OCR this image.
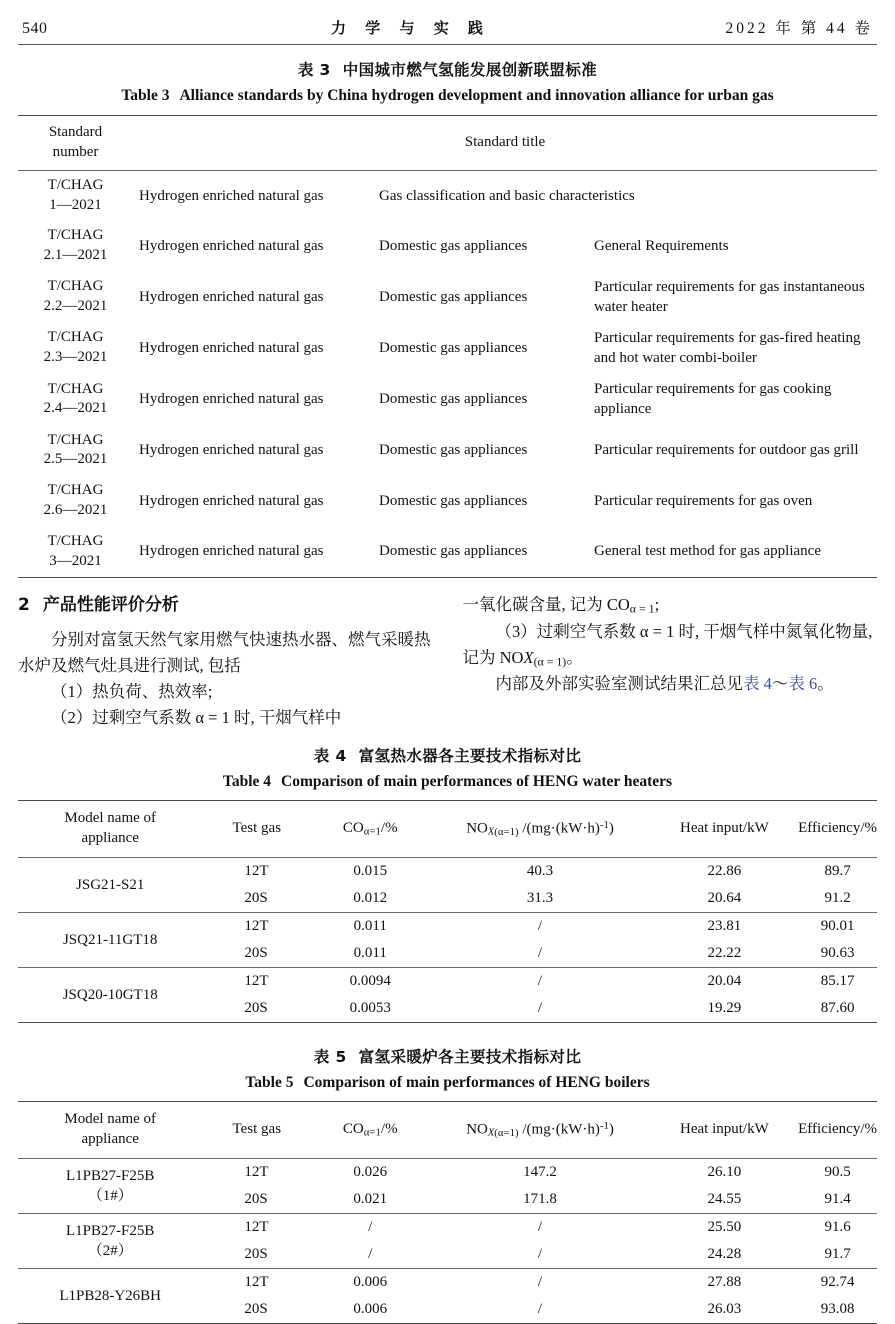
540	力 学 与 实 践	2022 年 第 44 卷
表 3 中国城市燃气氢能发展创新联盟标准
Table 3 Alliance standards by China hydrogen development and innovation alliance for urban gas
Standard
number	Standard title		

T/CHAG
1—2021	Hydrogen enriched natural gas	Gas classification and basic characteristics	

T/CHAG
2.1—2021	Hydrogen enriched natural gas	Domestic gas appliances	General Requirements

T/CHAG
2.2—2021	Hydrogen enriched natural gas	Domestic gas appliances	Particular requirements for gas instantaneous water heater

T/CHAG
2.3—2021	Hydrogen enriched natural gas	Domestic gas appliances	Particular requirements for gas-fired heating and hot water combi-boiler

T/CHAG
2.4—2021	Hydrogen enriched natural gas	Domestic gas appliances	Particular requirements for gas cooking appliance

T/CHAG
2.5—2021	Hydrogen enriched natural gas	Domestic gas appliances	Particular requirements for outdoor gas grill

T/CHAG
2.6—2021	Hydrogen enriched natural gas	Domestic gas appliances	Particular requirements for gas oven

T/CHAG
3—2021	Hydrogen enriched natural gas	Domestic gas appliances	General test method for gas appliance
2 产品性能评价分析

分别对富氢天然气家用燃气快速热水器、燃气采暖热水炉及燃气灶具进行测试, 包括

（1）热负荷、热效率;

（2）过剩空气系数 α = 1 时, 干烟气样中

一氧化碳含量, 记为 $CO_{\alpha = 1}$;

（3）过剩空气系数 α = 1 时, 干烟气样中氮氧化物量, 记为 $NOX_{(\alpha = 1)}$。

内部及外部实验室测试结果汇总见表 4～表 6。

表 4 富氢热水器各主要技术指标对比
Table 4 Comparison of main performances of HENG water heaters
Model name of
appliance	Test gas	$CO_{\alpha=1}/\%$	$NOX_{(\alpha=1)}$ $/(mg\cdot(kW\cdot h)^{-1})$	Heat input/kW	Efficiency/%
JSG21-S21	12T	0.015	40.3	22.86	89.7
	20S	0.012	31.3	20.64	91.2
JSQ21-11GT18	12T	0.011	/	23.81	90.01
	20S	0.011	/	22.22	90.63
JSQ20-10GT18	12T	0.0094	/	20.04	85.17
	20S	0.0053	/	19.29	87.60
表 5 富氢采暖炉各主要技术指标对比
Table 5 Comparison of main performances of HENG boilers
Model name of
appliance	Test gas	$CO_{\alpha=1}/\%$	$NOX_{(\alpha=1)}$ $/(mg\cdot(kW\cdot h)^{-1})$	Heat input/kW	Efficiency/%

L1PB27-F25B
（1#）	12T	0.026	147.2	26.10	90.5
	20S	0.021	171.8	24.55	91.4

L1PB27-F25B
（2#）	12T	/	/	25.50	91.6
	20S	/	/	24.28	91.7

L1PB28-Y26BH	12T	0.006	/	27.88	92.74
	20S	0.006	/	26.03	93.08
